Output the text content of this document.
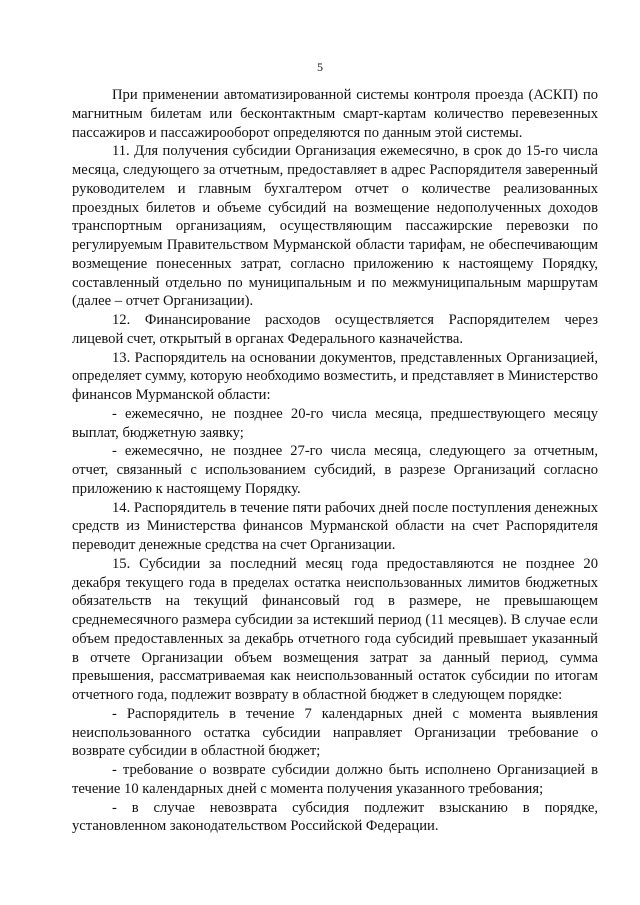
5

При применении автоматизированной системы контроля проезда (АСКП) по магнитным билетам или бесконтактным смарт-картам количество перевезенных пассажиров и пассажирооборот определяются по данным этой системы.

11. Для получения субсидии Организация ежемесячно, в срок до 15-го числа месяца, следующего за отчетным, предоставляет в адрес Распорядителя заверенный руководителем и главным бухгалтером отчет о количестве реализованных проездных билетов и объеме субсидий на возмещение недополученных доходов транспортным организациям, осуществляющим пассажирские перевозки по регулируемым Правительством Мурманской области тарифам, не обеспечивающим возмещение понесенных затрат, согласно приложению к настоящему Порядку, составленный отдельно по муниципальным и по межмуниципальным маршрутам (далее – отчет Организации).

12. Финансирование расходов осуществляется Распорядителем через лицевой счет, открытый в органах Федерального казначейства.

13. Распорядитель на основании документов, представленных Организацией, определяет сумму, которую необходимо возместить, и представляет в Министерство финансов Мурманской области:

- ежемесячно, не позднее 20-го числа месяца, предшествующего месяцу выплат, бюджетную заявку;

- ежемесячно, не позднее 27-го числа месяца, следующего за отчетным, отчет, связанный с использованием субсидий, в разрезе Организаций согласно приложению к настоящему Порядку.

14. Распорядитель в течение пяти рабочих дней после поступления денежных средств из Министерства финансов Мурманской области на счет Распорядителя переводит денежные средства на счет Организации.

15. Субсидии за последний месяц года предоставляются не позднее 20 декабря текущего года в пределах остатка неиспользованных лимитов бюджетных обязательств на текущий финансовый год в размере, не превышающем среднемесячного размера субсидии за истекший период (11 месяцев). В случае если объем предоставленных за декабрь отчетного года субсидий превышает указанный в отчете Организации объем возмещения затрат за данный период, сумма превышения, рассматриваемая как неиспользованный остаток субсидии по итогам отчетного года, подлежит возврату в областной бюджет в следующем порядке:

- Распорядитель в течение 7 календарных дней с момента выявления неиспользованного остатка субсидии направляет Организации требование о возврате субсидии в областной бюджет;

- требование о возврате субсидии должно быть исполнено Организацией в течение 10 календарных дней с момента получения указанного требования;

- в случае невозврата субсидия подлежит взысканию в порядке, установленном законодательством Российской Федерации.
